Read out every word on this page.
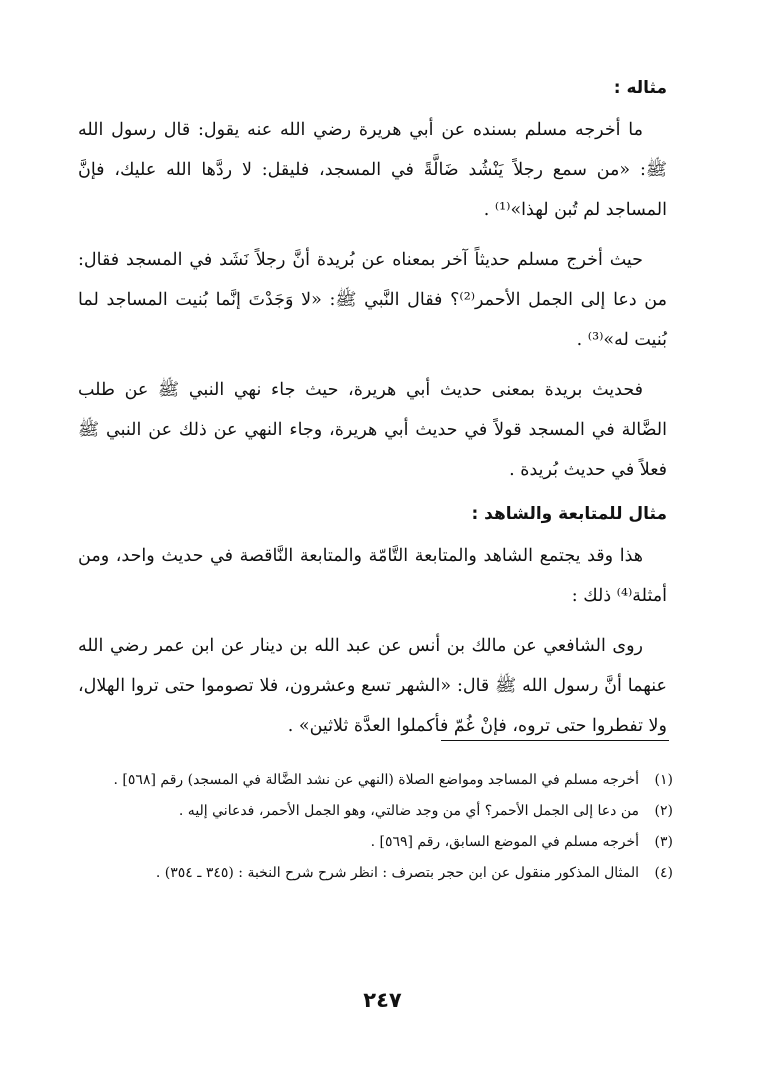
مثاله :

ما أخرجه مسلم بسنده عن أبي هريرة رضي الله عنه يقول: قال رسول الله ﷺ: «من سمع رجلاً يَنْشُد ضَالَّةً في المسجد، فليقل: لا ردَّها الله عليك، فإنَّ المساجد لم تُبن لهذا»⁽¹⁾ .

حيث أخرج مسلم حديثاً آخر بمعناه عن بُريدة أنَّ رجلاً نَشَد في المسجد فقال: من دعا إلى الجمل الأحمر⁽²⁾؟ فقال النَّبي ﷺ: «لا وَجَدْتَ إنَّما بُنيت المساجد لما بُنيت له»⁽³⁾ .

فحديث بريدة بمعنى حديث أبي هريرة، حيث جاء نهي النبي ﷺ عن طلب الضَّالة في المسجد قولاً في حديث أبي هريرة، وجاء النهي عن ذلك عن النبي ﷺ فعلاً في حديث بُريدة .

مثال للمتابعة والشاهد :

هذا وقد يجتمع الشاهد والمتابعة التَّامّة والمتابعة النَّاقصة في حديث واحد، ومن أمثلة⁽⁴⁾ ذلك :

روى الشافعي عن مالك بن أنس عن عبد الله بن دينار عن ابن عمر رضي الله عنهما أنَّ رسول الله ﷺ قال: «الشهر تسع وعشرون، فلا تصوموا حتى تروا الهلال، ولا تفطروا حتى تروه، فإنْ غُمّ فأكملوا العدَّة ثلاثين» .

(١)
أخرجه مسلم في المساجد ومواضع الصلاة (النهي عن نشد الضَّالة في المسجد) رقم [٥٦٨] .
(٢)
من دعا إلى الجمل الأحمر؟ أي من وجد ضالتي، وهو الجمل الأحمر، فدعاني إليه .
(٣)
أخرجه مسلم في الموضع السابق، رقم [٥٦٩] .
(٤)
المثال المذكور منقول عن ابن حجر بتصرف : انظر شرح شرح النخبة : (٣٤٥ ـ ٣٥٤) .
٢٤٧
